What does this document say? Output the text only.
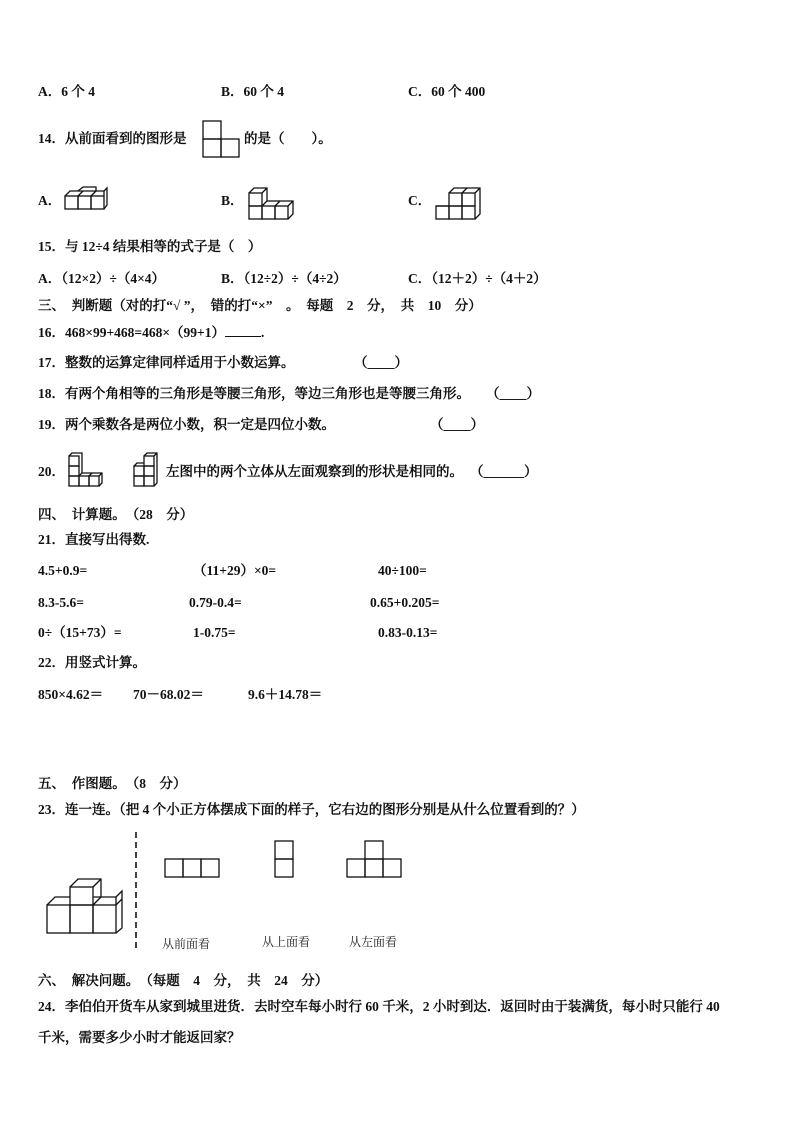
A．6 个 4	B．60 个 4	C．60 个 400
14．从前面看到的图形是	的是（　　）。
A．	B．	C．
15．与 12÷4 结果相等的式子是（　）
A．（12×2）÷（4×4）	B．（12÷2）÷（4÷2）	C．（12＋2）÷（4＋2）
三、　判断题（对的打“√ ”，　错的打“×”　。　每题　2　分，　共　10　分）
16．468×99+468=468×（99+1）	.
17．整数的运算定律同样适用于小数运算。	（____）
18．有两个角相等的三角形是等腰三角形，等边三角形也是等腰三角形。 （____）
19．两个乘数各是两位小数，积一定是四位小数。	（____）
20．	左图中的两个立体从左面观察到的形状是相同的。 （______）
四、　计算题。　（28　分）
21．直接写出得数.
4.5+0.9=	（11+29）×0=	40÷100=
8.3-5.6=	0.79-0.4=	0.65+0.205=
0÷（15+73）=	1-0.75=	0.83-0.13=
22．用竖式计算。
850×4.62＝ 70－68.02＝	9.6＋14.78＝
五、　作图题。　（8　分）
23．连一连。（把 4 个小正方体摆成下面的样子，它右边的图形分别是从什么位置看到的？）
从前面看	从上面看	从左面看
六、　解决问题。　（每题　4　分，　共　24　分）
24．李伯伯开货车从家到城里进货．去时空车每小时行 60 千米，2 小时到达．返回时由于装满货，每小时只能行 40
千米，需要多少小时才能返回家？
